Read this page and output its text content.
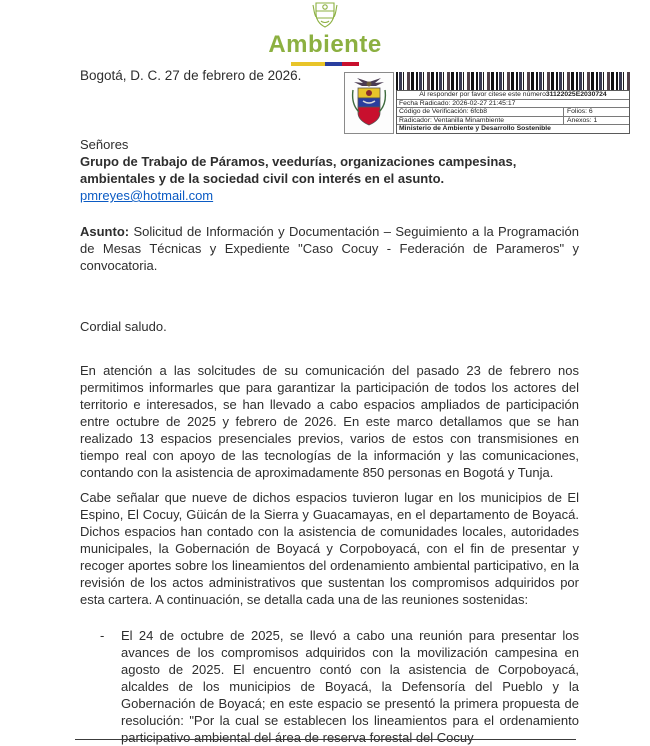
Ambiente
Bogotá, D. C. 27 de febrero de 2026.
Al responder por favor citese este número 31122025E2030724
Fecha Radicado: 2026-02-27 21:45:17
Código de Verificación: 6fcb8	Folios: 6
Radicador: Ventanilla Minambiente	Anexos: 1
Ministerio de Ambiente y Desarrollo Sostenible
Señores
Grupo de Trabajo de Páramos, veedurías, organizaciones campesinas, ambientales y de la sociedad civil con interés en el asunto.
pmreyes@hotmail.com
Asunto: Solicitud de Información y Documentación – Seguimiento a la Programación de Mesas Técnicas y Expediente "Caso Cocuy - Federación de Parameros" y convocatoria.
Cordial saludo.
En atención a las solcitudes de su comunicación del pasado 23 de febrero nos permitimos informarles que para garantizar la participación de todos los actores del territorio e interesados, se han llevado a cabo espacios ampliados de participación entre octubre de 2025 y febrero de 2026. En este marco detallamos que se han realizado 13 espacios presenciales previos, varios de estos con transmisiones en tiempo real con apoyo de las tecnologías de la información y las comunicaciones, contando con la asistencia de aproximadamente 850 personas en Bogotá y Tunja.
Cabe señalar que nueve de dichos espacios tuvieron lugar en los municipios de El Espino, El Cocuy, Güicán de la Sierra y Guacamayas, en el departamento de Boyacá. Dichos espacios han contado con la asistencia de comunidades locales, autoridades municipales, la Gobernación de Boyacá y Corpoboyacá, con el fin de presentar y recoger aportes sobre los lineamientos del ordenamiento ambiental participativo, en la revisión de los actos administrativos que sustentan los compromisos adquiridos por esta cartera. A continuación, se detalla cada una de las reuniones sostenidas:
-	El 24 de octubre de 2025, se llevó a cabo una reunión para presentar los avances de los compromisos adquiridos con la movilización campesina en agosto de 2025. El encuentro contó con la asistencia de Corpoboyacá, alcaldes de los municipios de Boyacá, la Defensoría del Pueblo y la Gobernación de Boyacá; en este espacio se presentó la primera propuesta de resolución: "Por la cual se establecen los lineamientos para el ordenamiento participativo ambiental del área de reserva forestal del Cocuy
